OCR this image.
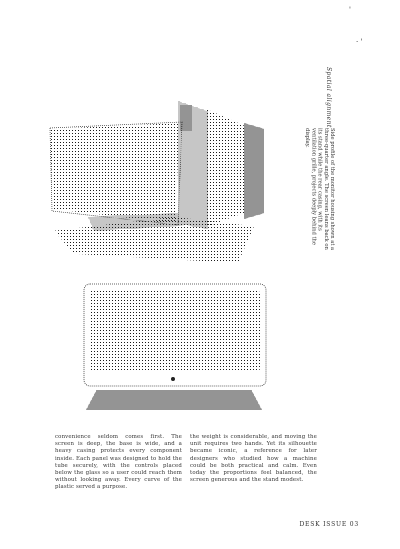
'
· '
Spatial alignment
Side profile of the monitor housing shown at a three-quarter angle. The screen leans back on its stand while the rear casing, with its ventilation grille, projects deeply behind the display.
convenience seldom comes first. The screen is deep, the base is wide, and a heavy casing protects every component inside. Each panel was designed to hold the tube securely, with the controls placed below the glass so a user could reach them without looking away. Every curve of the plastic served a purpose.
the weight is considerable, and moving the unit requires two hands. Yet its silhouette became iconic, a reference for later designers who studied how a machine could be both practical and calm. Even today the proportions feel balanced, the screen generous and the stand modest.
DESK ISSUE 03
